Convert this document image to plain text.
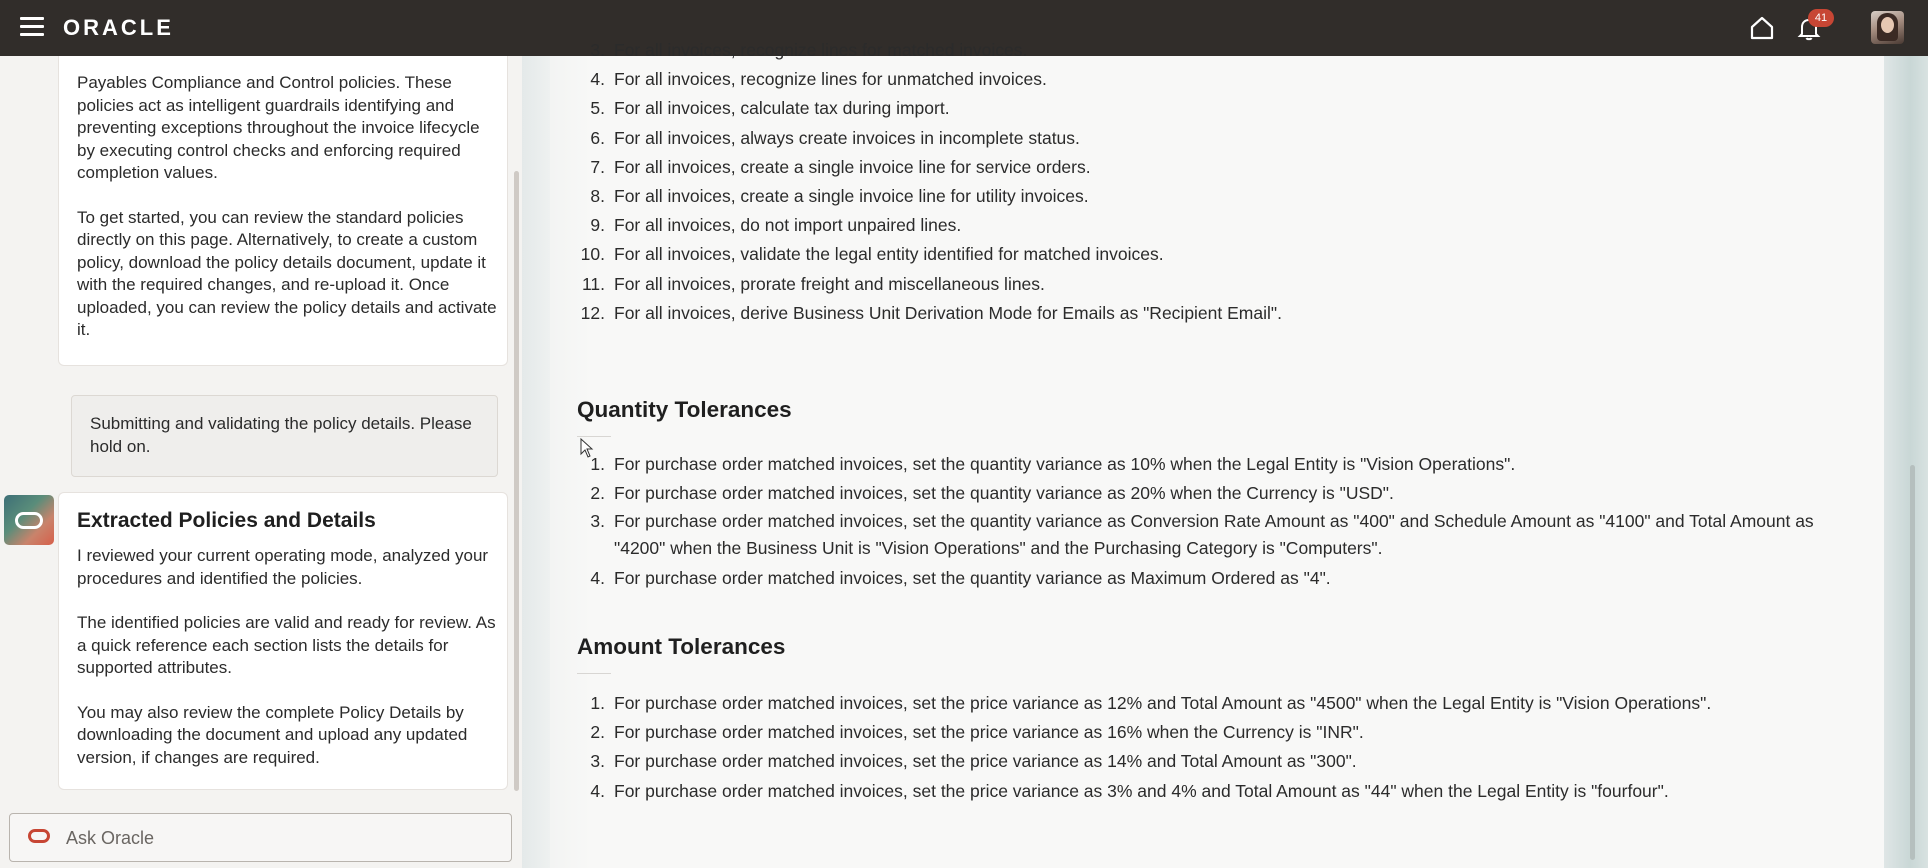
ORACLE	41

Payables Compliance and Control policies. These policies act as intelligent guardrails identifying and preventing exceptions throughout the invoice lifecycle by executing control checks and enforcing required completion values.

To get started, you can review the standard policies directly on this page. Alternatively, to create a custom policy, download the policy details document, update it with the required changes, and re-upload it. Once uploaded, you can review the policy details and activate it.

Submitting and validating the policy details. Please hold on.
Extracted Policies and Details

I reviewed your current operating mode, analyzed your procedures and identified the policies.

The identified policies are valid and ready for review. As a quick reference each section lists the details for supported attributes.

You may also review the complete Policy Details by downloading the document and upload any updated version, if changes are required.

Ask Oracle
3. For all invoices, recognize lines for matched invoices.
4. For all invoices, recognize lines for unmatched invoices.
5. For all invoices, calculate tax during import.
6. For all invoices, always create invoices in incomplete status.
7. For all invoices, create a single invoice line for service orders.
8. For all invoices, create a single invoice line for utility invoices.
9. For all invoices, do not import unpaired lines.
10. For all invoices, validate the legal entity identified for matched invoices.
11. For all invoices, prorate freight and miscellaneous lines.
12. For all invoices, derive Business Unit Derivation Mode for Emails as "Recipient Email".
Quantity Tolerances
1. For purchase order matched invoices, set the quantity variance as 10% when the Legal Entity is "Vision Operations".
2. For purchase order matched invoices, set the quantity variance as 20% when the Currency is "USD".
3. For purchase order matched invoices, set the quantity variance as Conversion Rate Amount as "400" and Schedule Amount as "4100" and Total Amount as "4200" when the Business Unit is "Vision Operations" and the Purchasing Category is "Computers".
4. For purchase order matched invoices, set the quantity variance as Maximum Ordered as "4".
Amount Tolerances
1. For purchase order matched invoices, set the price variance as 12% and Total Amount as "4500" when the Legal Entity is "Vision Operations".
2. For purchase order matched invoices, set the price variance as 16% when the Currency is "INR".
3. For purchase order matched invoices, set the price variance as 14% and Total Amount as "300".
4. For purchase order matched invoices, set the price variance as 3% and 4% and Total Amount as "44" when the Legal Entity is "fourfour".
